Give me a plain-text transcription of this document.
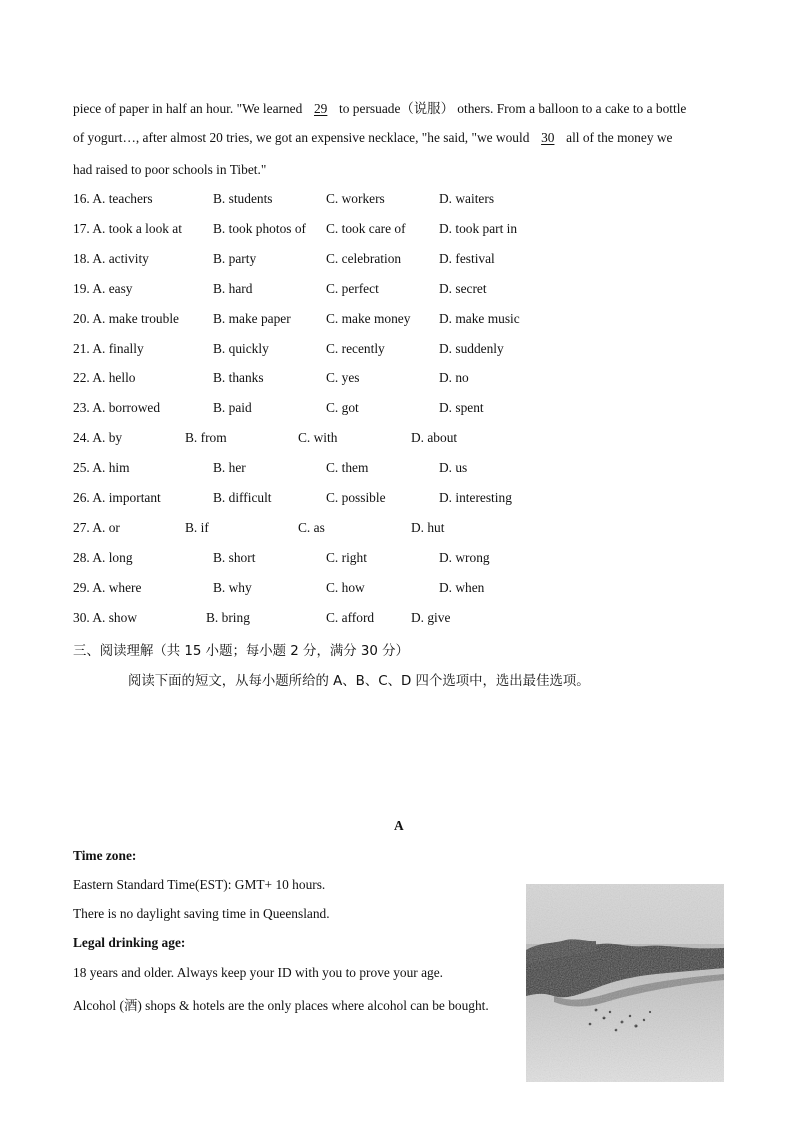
piece of paper in half an hour. "We learned 29 to persuade（说服） others. From a balloon to a cake to a bottle
of yogurt…, after almost 20 tries, we got an expensive necklace, "he said, "we would 30 all of the money we
had raised to poor schools in Tibet."
16. A. teachers	B. students	C. workers	D. waiters
17. A. took a look at B. took photos of C. took care of D. took part in
18. A. activity	B. party	C. celebration	D. festival
19. A. easy	B. hard	C. perfect	D. secret
20. A. make trouble	B. make paper	C. make money D. make music
21. A. finally	B. quickly	C. recently	D. suddenly
22. A. hello	B. thanks	C. yes	D. no
23. A. borrowed	B. paid	C. got	D. spent
24. A. by	B. from	C. with	D. about
25. A. him	B. her	C. them	D. us
26. A. important	B. difficult	C. possible	D. interesting
27. A. or	B. if	C. as	D. hut
28. A. long	B. short	C. right	D. wrong
29. A. where	B. why	C. how	D. when
30. A. show	B. bring	C. afford	D. give
三、阅读理解（共 15 小题；每小题 2 分，满分 30 分）
阅读下面的短文，从每小题所给的 A、B、C、D 四个选项中，选出最佳选项。
A
Time zone:
Eastern Standard Time(EST): GMT+ 10 hours.
There is no daylight saving time in Queensland.
Legal drinking age:
18 years and older. Always keep your ID with you to prove your age.
Alcohol (酒) shops & hotels are the only places where alcohol can be bought.
